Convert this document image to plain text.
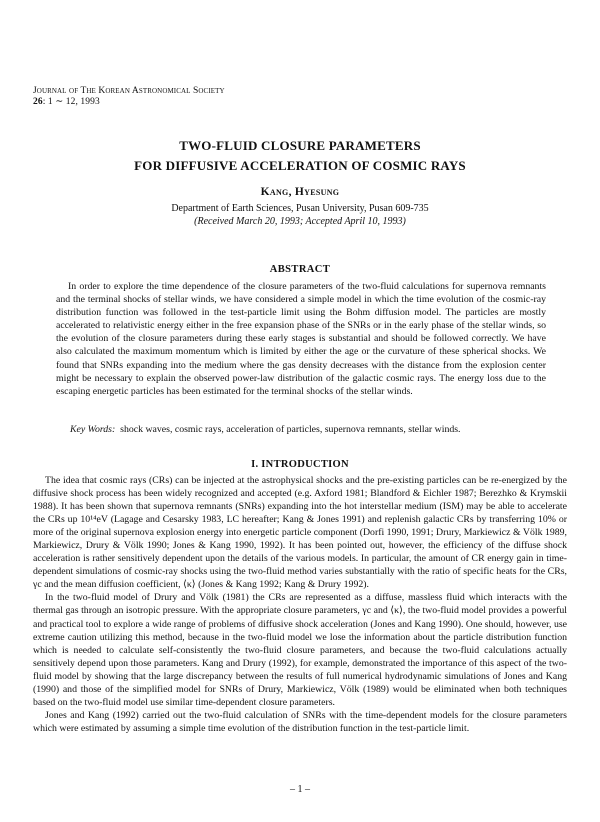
Journal of The Korean Astronomical Society
26: 1 ∼ 12, 1993
TWO-FLUID CLOSURE PARAMETERS
FOR DIFFUSIVE ACCELERATION OF COSMIC RAYS
Kang, Hyesung
Department of Earth Sciences, Pusan University, Pusan 609-735
(Received March 20, 1993; Accepted April 10, 1993)
ABSTRACT
In order to explore the time dependence of the closure parameters of the two-fluid calculations for supernova remnants and the terminal shocks of stellar winds, we have considered a simple model in which the time evolution of the cosmic-ray distribution function was followed in the test-particle limit using the Bohm diffusion model. The particles are mostly accelerated to relativistic energy either in the free expansion phase of the SNRs or in the early phase of the stellar winds, so the evolution of the closure parameters during these early stages is substantial and should be followed correctly. We have also calculated the maximum momentum which is limited by either the age or the curvature of these spherical shocks. We found that SNRs expanding into the medium where the gas density decreases with the distance from the explosion center might be necessary to explain the observed power-law distribution of the galactic cosmic rays. The energy loss due to the escaping energetic particles has been estimated for the terminal shocks of the stellar winds.
Key Words: shock waves, cosmic rays, acceleration of particles, supernova remnants, stellar winds.
I. INTRODUCTION

The idea that cosmic rays (CRs) can be injected at the astrophysical shocks and the pre-existing particles can be re-energized by the diffusive shock process has been widely recognized and accepted (e.g. Axford 1981; Blandford & Eichler 1987; Berezhko & Krymskii 1988). It has been shown that supernova remnants (SNRs) expanding into the hot interstellar medium (ISM) may be able to accelerate the CRs up 10¹⁴eV (Lagage and Cesarsky 1983, LC hereafter; Kang & Jones 1991) and replenish galactic CRs by transferring 10% or more of the original supernova explosion energy into energetic particle component (Dorfi 1990, 1991; Drury, Markiewicz & Völk 1989, Markiewicz, Drury & Völk 1990; Jones & Kang 1990, 1992). It has been pointed out, however, the efficiency of the diffuse shock acceleration is rather sensitively dependent upon the details of the various models. In particular, the amount of CR energy gain in time-dependent simulations of cosmic-ray shocks using the two-fluid method varies substantially with the ratio of specific heats for the CRs, γc and the mean diffusion coefficient, ⟨κ⟩ (Jones & Kang 1992; Kang & Drury 1992).

In the two-fluid model of Drury and Völk (1981) the CRs are represented as a diffuse, massless fluid which interacts with the thermal gas through an isotropic pressure. With the appropriate closure parameters, γc and ⟨κ⟩, the two-fluid model provides a powerful and practical tool to explore a wide range of problems of diffusive shock acceleration (Jones and Kang 1990). One should, however, use extreme caution utilizing this method, because in the two-fluid model we lose the information about the particle distribution function which is needed to calculate self-consistently the two-fluid closure parameters, and because the two-fluid calculations actually sensitively depend upon those parameters. Kang and Drury (1992), for example, demonstrated the importance of this aspect of the two-fluid model by showing that the large discrepancy between the results of full numerical hydrodynamic simulations of Jones and Kang (1990) and those of the simplified model for SNRs of Drury, Markiewicz, Völk (1989) would be eliminated when both techniques based on the two-fluid model use similar time-dependent closure parameters.

Jones and Kang (1992) carried out the two-fluid calculation of SNRs with the time-dependent models for the closure parameters which were estimated by assuming a simple time evolution of the distribution function in the test-particle limit.

– 1 –
